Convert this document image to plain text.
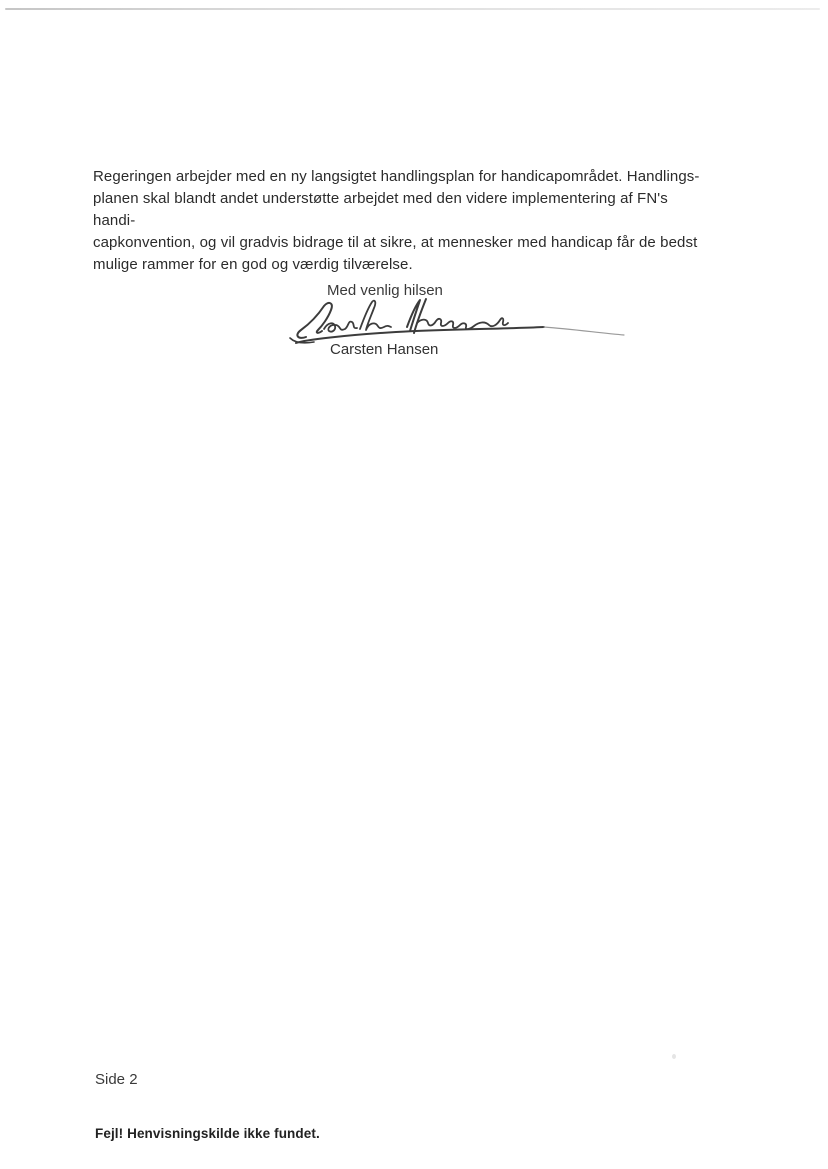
Regeringen arbejder med en ny langsigtet handlingsplan for handicapområdet. Handlings-
planen skal blandt andet understøtte arbejdet med den videre implementering af FN's handi-
capkonvention, og vil gradvis bidrage til at sikre, at mennesker med handicap får de bedst
mulige rammer for en god og værdig tilværelse.
Med venlig hilsen
Carsten Hansen
Side 2
Fejl! Henvisningskilde ikke fundet.
